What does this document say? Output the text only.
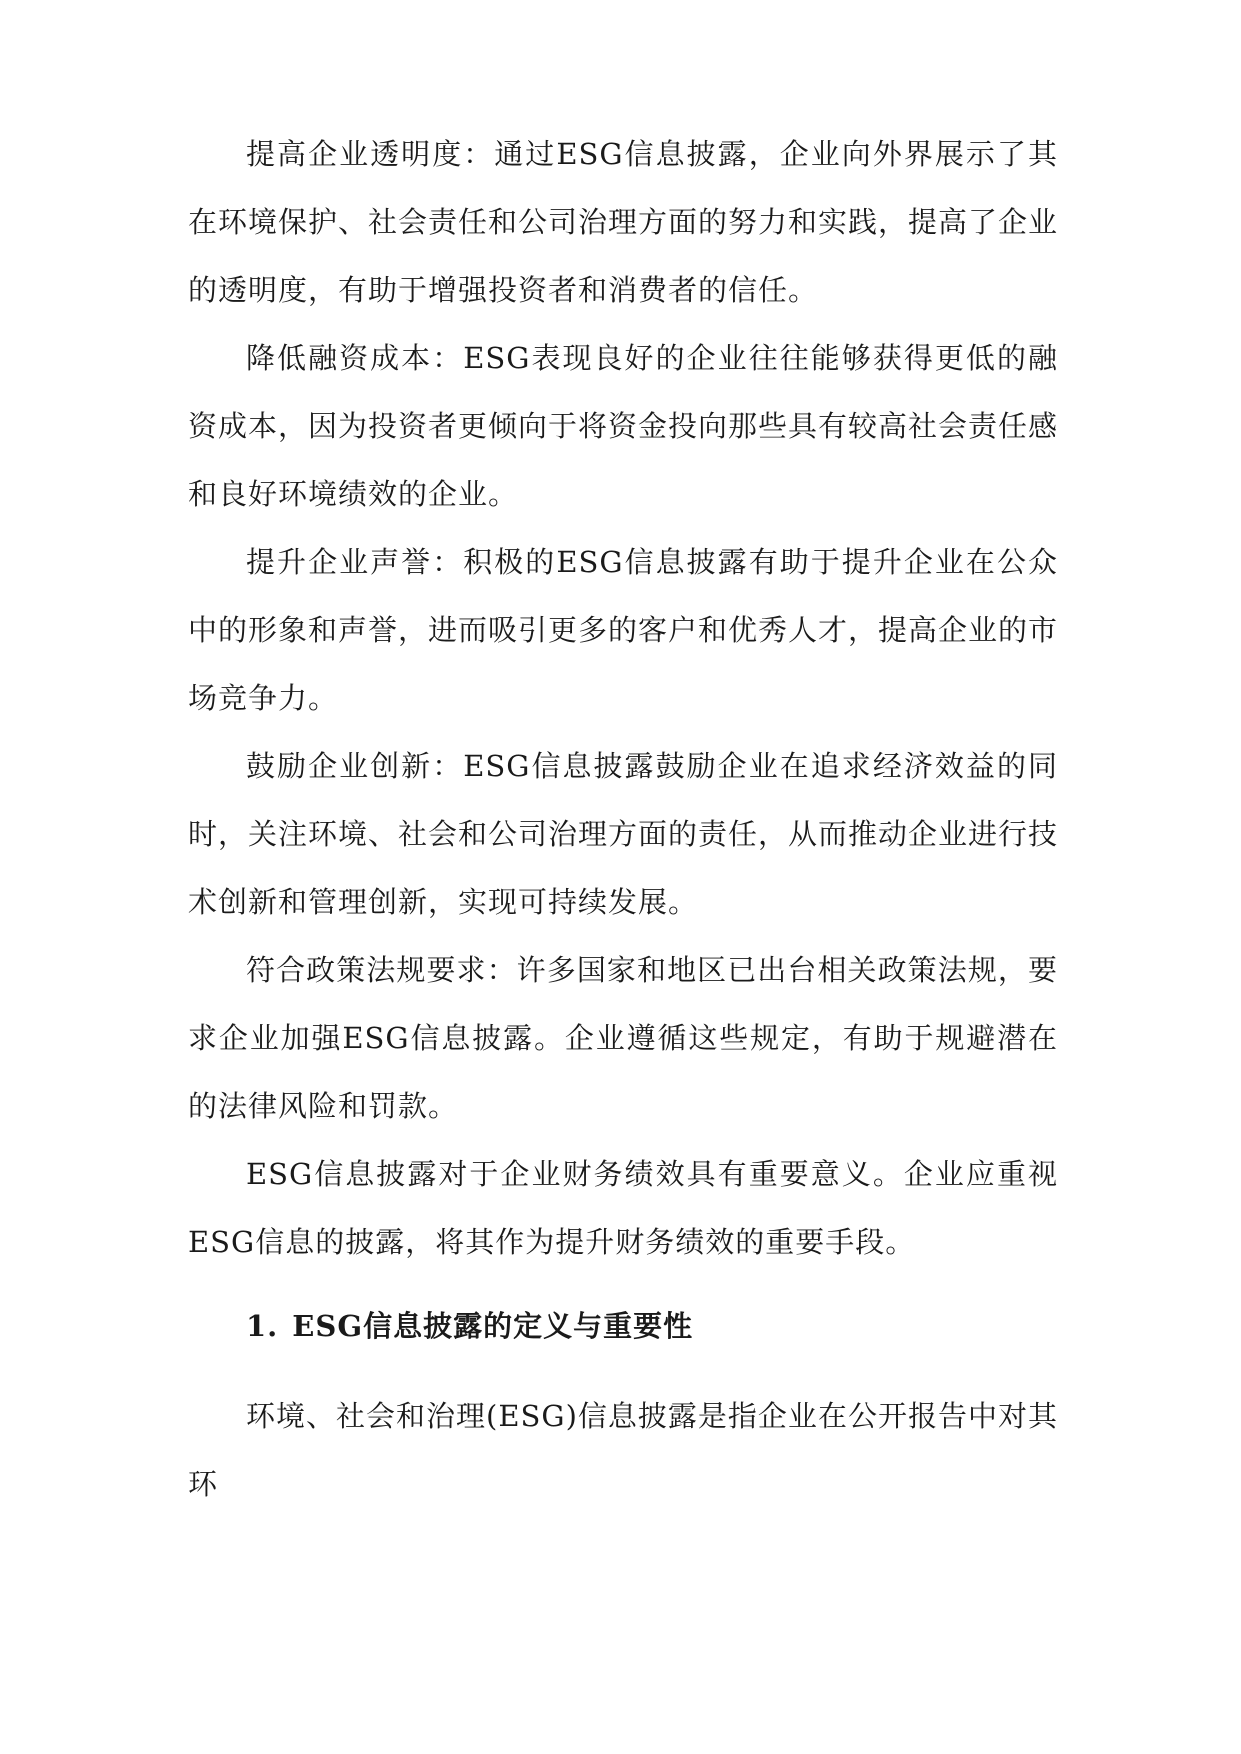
提高企业透明度：通过ESG信息披露，企业向外界展示了其在环境保护、社会责任和公司治理方面的努力和实践，提高了企业的透明度，有助于增强投资者和消费者的信任。

降低融资成本：ESG表现良好的企业往往能够获得更低的融资成本，因为投资者更倾向于将资金投向那些具有较高社会责任感和良好环境绩效的企业。

提升企业声誉：积极的ESG信息披露有助于提升企业在公众中的形象和声誉，进而吸引更多的客户和优秀人才，提高企业的市场竞争力。

鼓励企业创新：ESG信息披露鼓励企业在追求经济效益的同时，关注环境、社会和公司治理方面的责任，从而推动企业进行技术创新和管理创新，实现可持续发展。

符合政策法规要求：许多国家和地区已出台相关政策法规，要求企业加强ESG信息披露。企业遵循这些规定，有助于规避潜在的法律风险和罚款。

ESG信息披露对于企业财务绩效具有重要意义。企业应重视ESG信息的披露，将其作为提升财务绩效的重要手段。

1. ESG信息披露的定义与重要性

环境、社会和治理(ESG)信息披露是指企业在公开报告中对其环
